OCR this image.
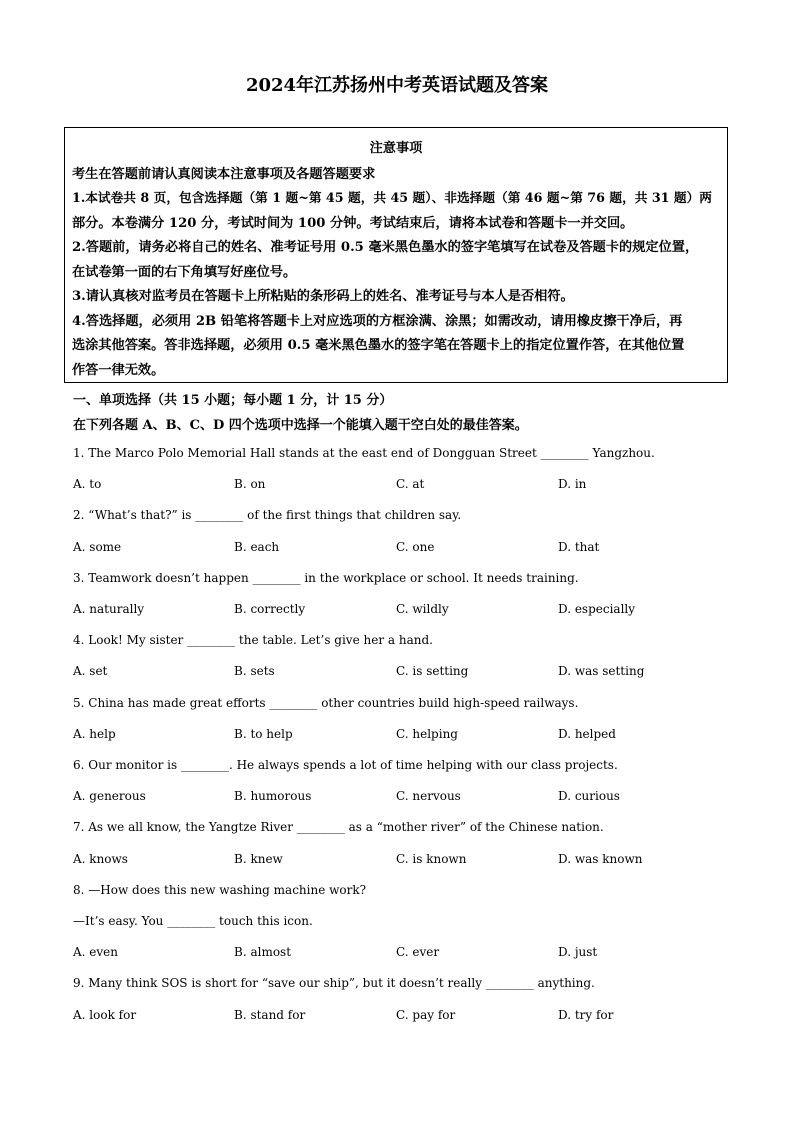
2024年江苏扬州中考英语试题及答案
注意事项
考生在答题前请认真阅读本注意事项及各题答题要求
1.本试卷共 8 页，包含选择题（第 1 题~第 45 题，共 45 题）、非选择题（第 46 题~第 76 题，共 31 题）两
部分。本卷满分 120 分，考试时间为 100 分钟。考试结束后，请将本试卷和答题卡一并交回。
2.答题前，请务必将自己的姓名、准考证号用 0.5 毫米黑色墨水的签字笔填写在试卷及答题卡的规定位置，
在试卷第一面的右下角填写好座位号。
3.请认真核对监考员在答题卡上所粘贴的条形码上的姓名、准考证号与本人是否相符。
4.答选择题，必须用 2B 铅笔将答题卡上对应选项的方框涂满、涂黑；如需改动，请用橡皮擦干净后，再
选涂其他答案。答非选择题，必须用 0.5 毫米黑色墨水的签字笔在答题卡上的指定位置作答，在其他位置
作答一律无效。
一、单项选择（共 15 小题；每小题 1 分，计 15 分）
在下列各题 A、B、C、D 四个选项中选择一个能填入题干空白处的最佳答案。
1. The Marco Polo Memorial Hall stands at the east end of Dongguan Street ________ Yangzhou.
A. to	B. on	C. at	D. in
2. “What’s that?” is ________ of the first things that children say.
A. some	B. each	C. one	D. that
3. Teamwork doesn’t happen ________ in the workplace or school. It needs training.
A. naturally	B. correctly	C. wildly	D. especially
4. Look! My sister ________ the table. Let’s give her a hand.
A. set	B. sets	C. is setting	D. was setting
5. China has made great efforts ________ other countries build high-speed railways.
A. help	B. to help	C. helping	D. helped
6. Our monitor is ________. He always spends a lot of time helping with our class projects.
A. generous	B. humorous	C. nervous	D. curious
7. As we all know, the Yangtze River ________ as a “mother river” of the Chinese nation.
A. knows	B. knew	C. is known	D. was known
8. —How does this new washing machine work?
—It’s easy. You ________ touch this icon.
A. even	B. almost	C. ever	D. just
9. Many think SOS is short for “save our ship”, but it doesn’t really ________ anything.
A. look for	B. stand for	C. pay for	D. try for
